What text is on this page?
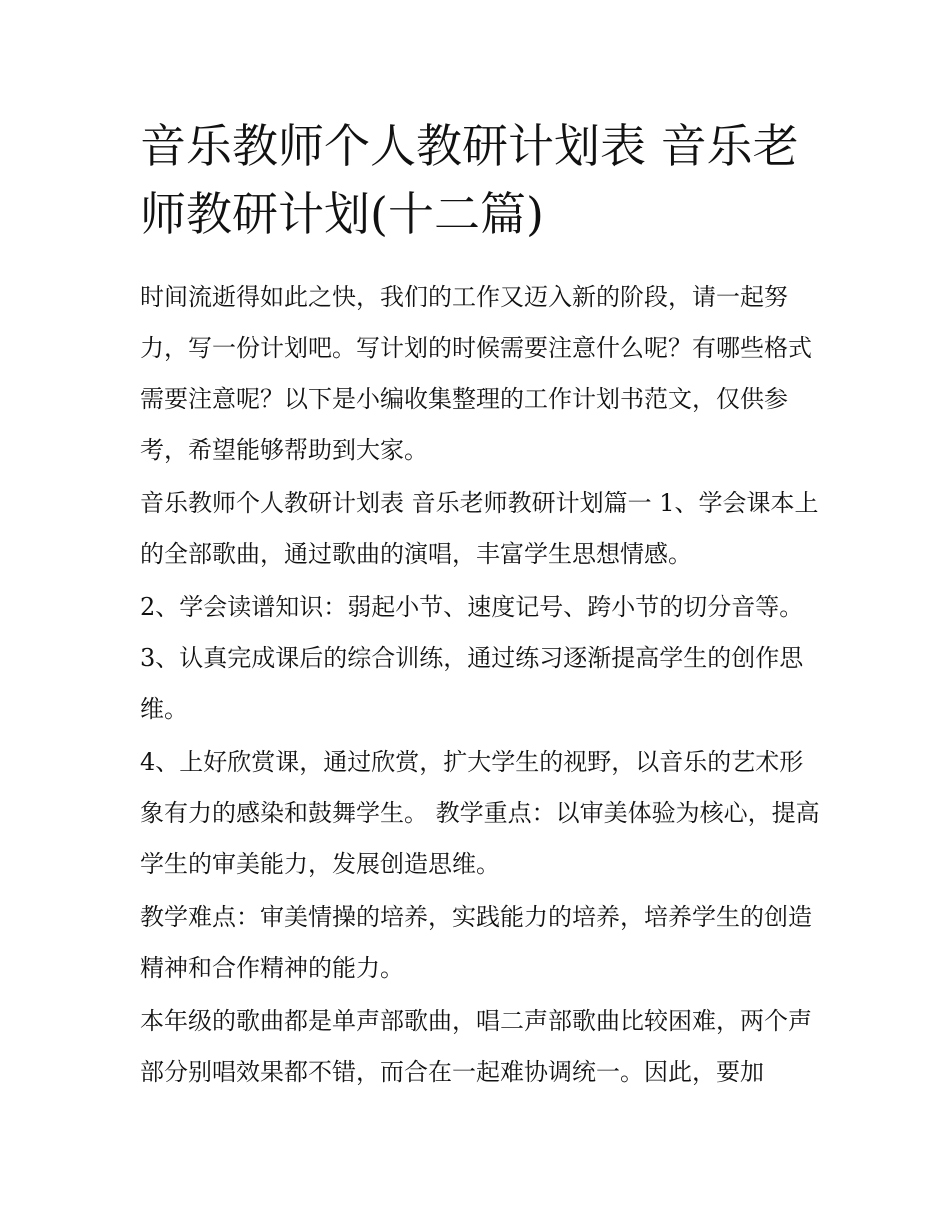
音乐教师个人教研计划表 音乐老师教研计划(十二篇)

时间流逝得如此之快，我们的工作又迈入新的阶段，请一起努力，写一份计划吧。写计划的时候需要注意什么呢？有哪些格式需要注意呢？以下是小编收集整理的工作计划书范文，仅供参考，希望能够帮助到大家。

音乐教师个人教研计划表 音乐老师教研计划篇一 1、学会课本上的全部歌曲，通过歌曲的演唱，丰富学生思想情感。

2、学会读谱知识：弱起小节、速度记号、跨小节的切分音等。 3、认真完成课后的综合训练，通过练习逐渐提高学生的创作思维。

4、上好欣赏课，通过欣赏，扩大学生的视野，以音乐的艺术形象有力的感染和鼓舞学生。 教学重点：以审美体验为核心，提高学生的审美能力，发展创造思维。

教学难点：审美情操的培养，实践能力的培养，培养学生的创造精神和合作精神的能力。

本年级的歌曲都是单声部歌曲，唱二声部歌曲比较困难，两个声部分别唱效果都不错，而合在一起难协调统一。因此，要加
